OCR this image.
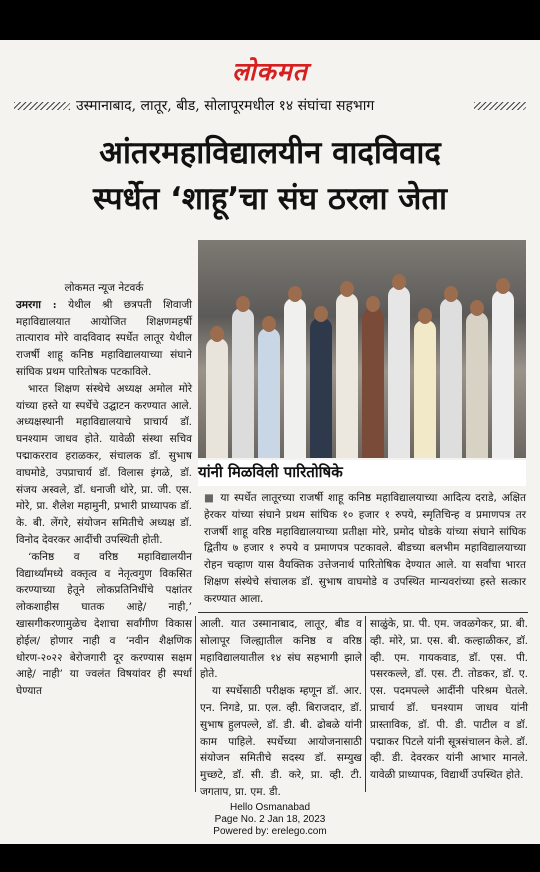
लोकमत
उस्मानाबाद, लातूर, बीड, सोलापूरमधील १४ संघांचा सहभाग
आंतरमहाविद्यालयीन वादविवाद
स्पर्धेत ‘शाहू’चा संघ ठरला जेता
लोकमत न्यूज नेटवर्क

उमरगा : येथील श्री छत्रपती शिवाजी महाविद्यालयात आयोजित शिक्षणमहर्षी तात्याराव मोरे वादविवाद स्पर्धेत लातूर येथील राजर्षी शाहू कनिष्ठ महाविद्यालयाच्या संघाने सांघिक प्रथम पारितोषक पटकाविले.

भारत शिक्षण संस्थेचे अध्यक्ष अमोल मोरे यांच्या हस्ते या स्पर्धेचे उद्घाटन करण्यात आले. अध्यक्षस्थानी महाविद्यालयाचे प्राचार्य डॉ. घनश्याम जाधव होते. यावेळी संस्था सचिव पद्माकरराव हराळकर, संचालक डॉ. सुभाष वाघमोडे, उपप्राचार्य डॉ. विलास इंगळे, डॉ. संजय अस्वले, डॉ. धनाजी थोरे, प्रा. जी. एस. मोरे, प्रा. शैलेश महामुनी, प्रभारी प्राध्यापक डॉ. के. बी. लेंगरे, संयोजन समितीचे अध्यक्ष डॉ. विनोद देवरकर आदींची उपस्थिती होती.

‘कनिष्ठ व वरिष्ठ महाविद्यालयीन विद्यार्थ्यांमध्ये वक्तृत्व व नेतृत्वगुण विकसित करण्याच्या हेतूने लोकप्रतिनिधींचे पक्षांतर लोकशाहीस घातक आहे/ नाही,’ खासगीकरणामुळेच देशाचा सर्वांगीण विकास होईल/ होणार नाही व ‘नवीन शैक्षणिक धोरण-२०२२ बेरोजगारी दूर करण्यास सक्षम आहे/ नाही’ या ज्वलंत विषयांवर ही स्पर्धा घेण्यात

यांनी मिळविली पारितोषिके
■ या स्पर्धेत लातूरच्या राजर्षी शाहू कनिष्ठ महाविद्यालयाच्या आदित्य दराडे, अक्षित हेरकर यांच्या संघाने प्रथम सांघिक १० हजार १ रुपये, स्मृतिचिन्ह व प्रमाणपत्र तर राजर्षी शाहू वरिष्ठ महाविद्यालयाच्या प्रतीक्षा मोरे, प्रमोद घोडके यांच्या संघाने सांघिक द्वितीय ७ हजार १ रुपये व प्रमाणपत्र पटकावले. बीडच्या बलभीम महाविद्यालयाच्या रोहन चव्हाण यास वैयक्तिक उत्तेजनार्थ पारितोषिक देण्यात आले. या सर्वांचा भारत शिक्षण संस्थेचे संचालक डॉ. सुभाष वाघमोडे व उपस्थित मान्यवरांच्या हस्ते सत्कार करण्यात आला.

आली. यात उस्मानाबाद, लातूर, बीड व सोलापूर जिल्ह्यातील कनिष्ठ व वरिष्ठ महाविद्यालयातील १४ संघ सहभागी झाले होते.

या स्पर्धेसाठी परीक्षक म्हणून डॉ. आर. एन. निगडे, प्रा. एल. व्ही. बिराजदार, डॉ. सुभाष हुलपल्ले, डॉ. डी. बी. ढोबळे यांनी काम पाहिले. स्पर्धेच्या आयोजनासाठी संयोजन समितीचे सदस्य डॉ. सम्युख मुच्छटे, डॉ. सी. डी. करे, प्रा. व्ही. टी. जगताप, प्रा. एम. डी.

साळुंके, प्रा. पी. एम. जवळगेकर, प्रा. बी. व्ही. मोरे, प्रा. एस. बी. कल्हाळीकर, डॉ. व्ही. एम. गायकवाड, डॉ. एस. पी. पसरकल्ले, डॉ. एस. टी. तोडकर, डॉ. ए. एस. पदमपल्ले आदींनी परिश्रम घेतले. प्राचार्य डॉ. घनश्याम जाधव यांनी प्रास्ताविक, डॉ. पी. डी. पाटील व डॉ. पद्माकर पिटले यांनी सूत्रसंचालन केले. डॉ. व्ही. डी. देवरकर यांनी आभार मानले. यावेळी प्राध्यापक, विद्यार्थी उपस्थित होते.

Hello Osmanabad
Page No. 2 Jan 18, 2023
Powered by: erelego.com
